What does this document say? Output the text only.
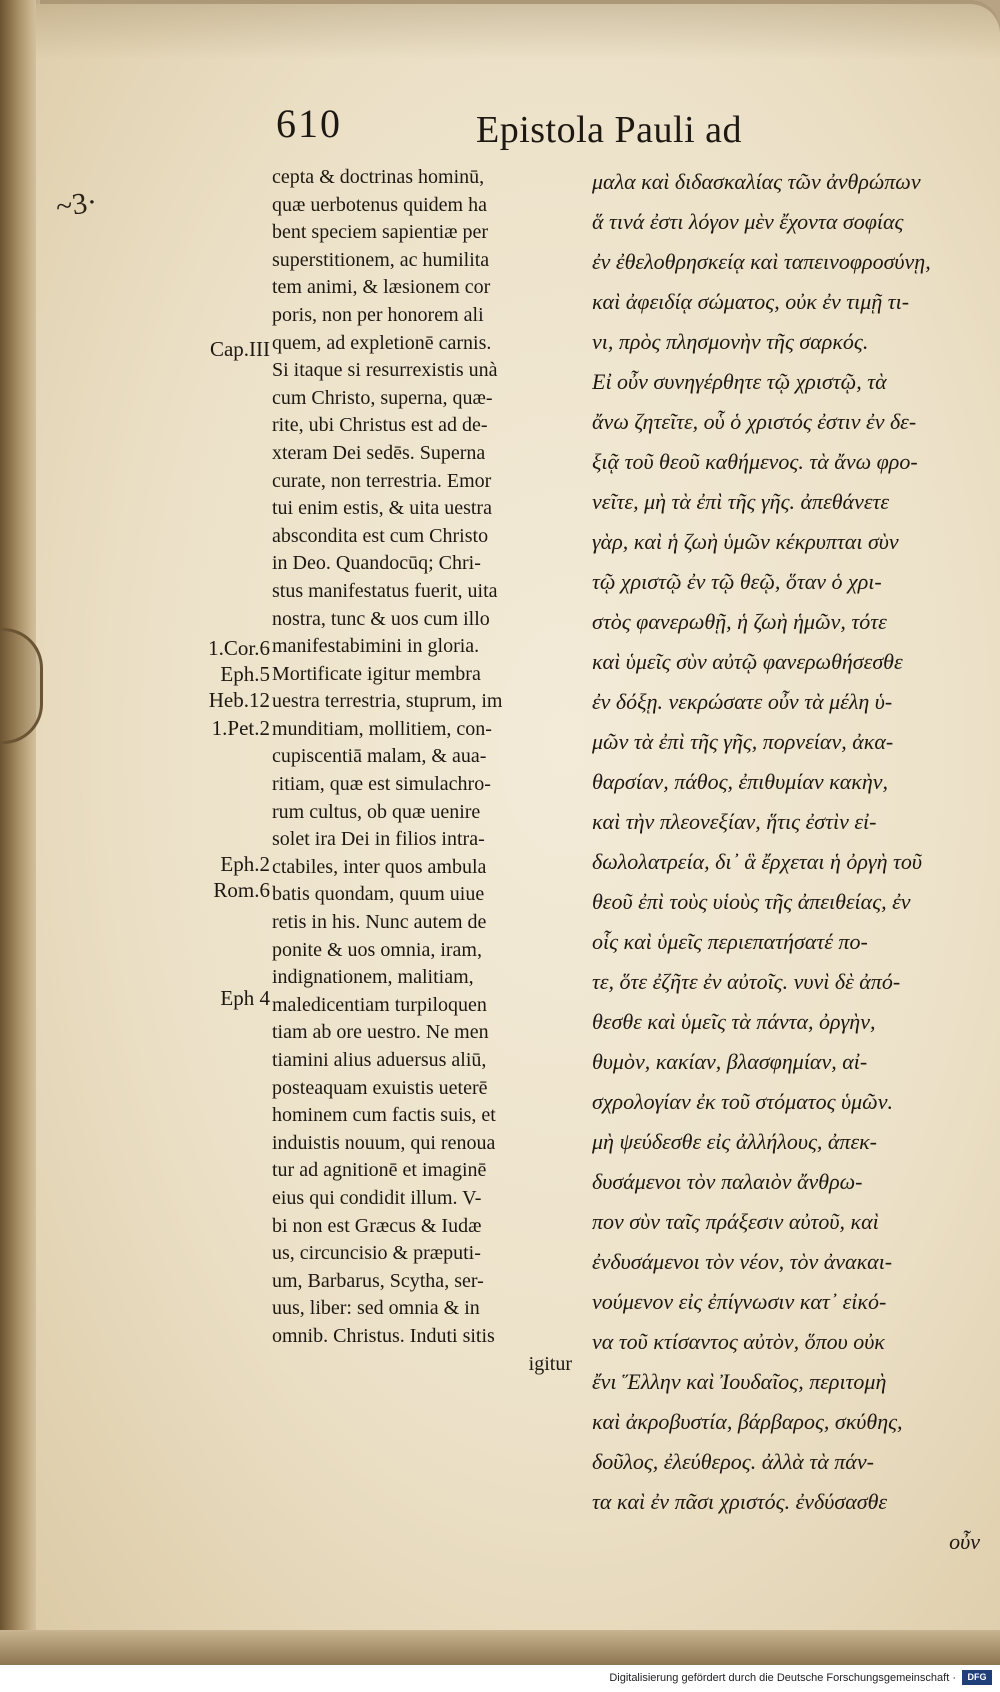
610	Epistola Pauli ad
~3·
Cap.III
1.Cor.6
Eph.5
Heb.12
1.Pet.2
Eph.2
Rom.6
Eph 4
cepta & doctrinas hominū,
quæ uerbotenus quidem ha
bent speciem sapientiæ per
superstitionem, ac humilita
tem animi, & læsionem cor
poris, non per honorem ali
quem, ad expletionē carnis.
Si itaque si resurrexistis unà
cum Christo, superna, quæ-
rite, ubi Christus est ad de-
xteram Dei sedēs. Superna
curate, non terrestria. Emor
tui enim estis, & uita uestra
abscondita est cum Christo
in Deo. Quandocūq; Chri-
stus manifestatus fuerit, uita
nostra, tunc & uos cum illo
manifestabimini in gloria.
Mortificate igitur membra
uestra terrestria, stuprum, im
munditiam, mollitiem, con-
cupiscentiā malam, & aua-
ritiam, quæ est simulachro-
rum cultus, ob quæ uenire
solet ira Dei in filios intra-
ctabiles, inter quos ambula
batis quondam, quum uiue
retis in his. Nunc autem de
ponite & uos omnia, iram,
indignationem, malitiam,
maledicentiam turpiloquen
tiam ab ore uestro. Ne men
tiamini alius aduersus aliū,
posteaquam exuistis ueterē
hominem cum factis suis, et
induistis nouum, qui renoua
tur ad agnitionē et imaginē
eius qui condidit illum. V-
bi non est Græcus & Iudæ
us, circuncisio & præputi-
um, Barbarus, Scytha, ser-
uus, liber: sed omnia & in
omnib. Christus. Induti sitis
igitur
μαλα καὶ διδασκαλίας τῶν ἀνθρώπων
ἅ τινά ἐστι λόγον μὲν ἔχοντα σοφίας
ἐν ἐθελοθρησκείᾳ καὶ ταπεινοφροσύνῃ,
καὶ ἀφειδίᾳ σώματος, οὐκ ἐν τιμῇ τι-
νι, πρὸς πλησμονὴν τῆς σαρκός.
Εἰ οὖν συνηγέρθητε τῷ χριστῷ, τὰ
ἄνω ζητεῖτε, οὗ ὁ χριστός ἐστιν ἐν δε-
ξιᾷ τοῦ θεοῦ καθήμενος. τὰ ἄνω φρο-
νεῖτε, μὴ τὰ ἐπὶ τῆς γῆς. ἀπεθάνετε
γὰρ, καὶ ἡ ζωὴ ὑμῶν κέκρυπται σὺν
τῷ χριστῷ ἐν τῷ θεῷ, ὅταν ὁ χρι-
στὸς φανερωθῇ, ἡ ζωὴ ἡμῶν, τότε
καὶ ὑμεῖς σὺν αὐτῷ φανερωθήσεσθε
ἐν δόξῃ. νεκρώσατε οὖν τὰ μέλη ὑ-
μῶν τὰ ἐπὶ τῆς γῆς, πορνείαν, ἀκα-
θαρσίαν, πάθος, ἐπιθυμίαν κακὴν,
καὶ τὴν πλεονεξίαν, ἥτις ἐστὶν εἰ-
δωλολατρεία, δι᾽ ἃ ἔρχεται ἡ ὀργὴ τοῦ
θεοῦ ἐπὶ τοὺς υἱοὺς τῆς ἀπειθείας, ἐν
οἷς καὶ ὑμεῖς περιεπατήσατέ πο-
τε, ὅτε ἐζῆτε ἐν αὐτοῖς. νυνὶ δὲ ἀπό-
θεσθε καὶ ὑμεῖς τὰ πάντα, ὀργὴν,
θυμὸν, κακίαν, βλασφημίαν, αἰ-
σχρολογίαν ἐκ τοῦ στόματος ὑμῶν.
μὴ ψεύδεσθε εἰς ἀλλήλους, ἀπεκ-
δυσάμενοι τὸν παλαιὸν ἄνθρω-
πον σὺν ταῖς πράξεσιν αὐτοῦ, καὶ
ἐνδυσάμενοι τὸν νέον, τὸν ἀνακαι-
νούμενον εἰς ἐπίγνωσιν κατ᾽ εἰκό-
να τοῦ κτίσαντος αὐτὸν, ὅπου οὐκ
ἔνι Ἕλλην καὶ Ἰουδαῖος, περιτομὴ
καὶ ἀκροβυστία, βάρβαρος, σκύθης,
δοῦλος, ἐλεύθερος. ἀλλὰ τὰ πάν-
τα καὶ ἐν πᾶσι χριστός. ἐνδύσασθε
οὖν
Digitalisierung gefördert durch die Deutsche Forschungsgemeinschaft ·	DFG
